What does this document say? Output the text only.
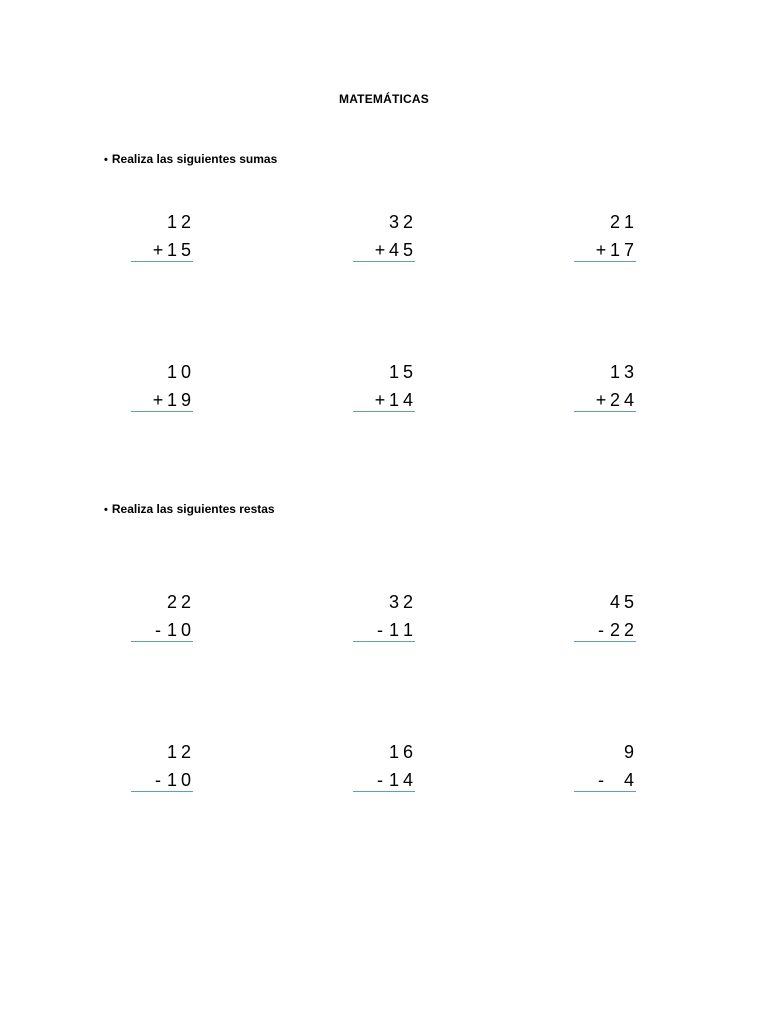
MATEMÁTICAS
• Realiza las siguientes sumas
• Realiza las siguientes restas
1 2
+ 1 5
3 2
+ 4 5
2 1
+ 1 7
1 0
+ 1 9
1 5
+ 1 4
1 3
+ 2 4
2 2
- 1 0
3 2
- 1 1
4 5
- 2 2
1 2
- 1 0
1 6
- 1 4
9
- 4
